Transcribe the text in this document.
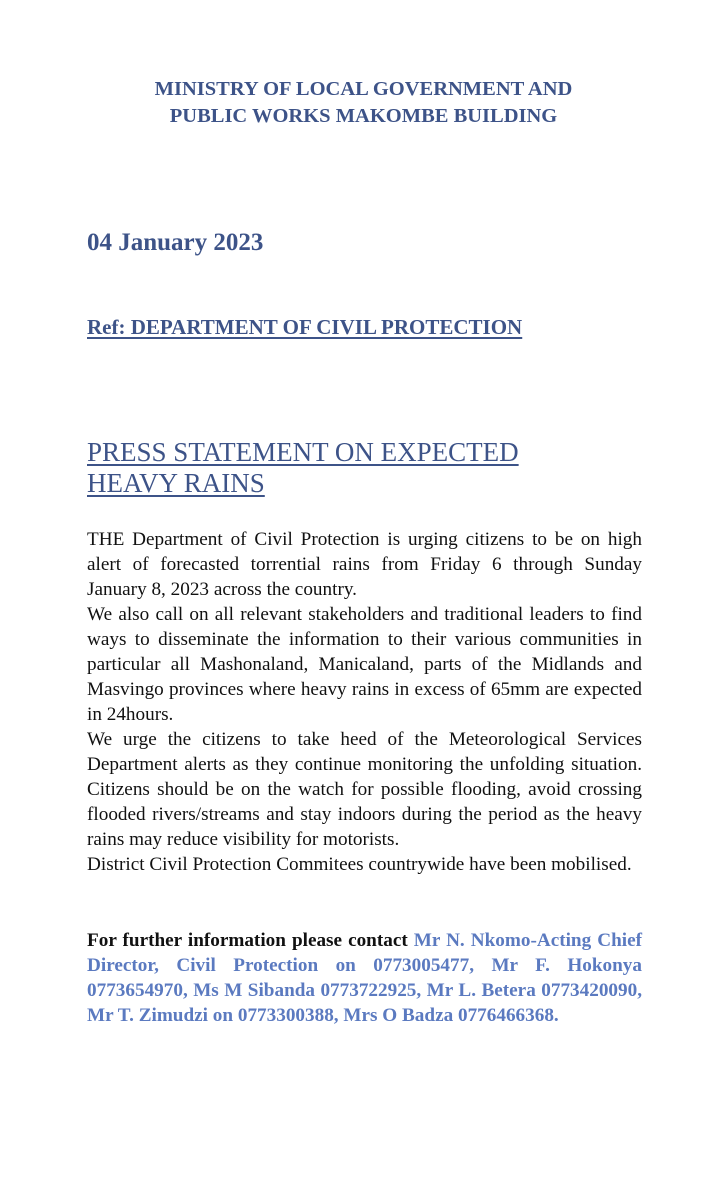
MINISTRY OF LOCAL GOVERNMENT AND
PUBLIC WORKS MAKOMBE BUILDING
04 January 2023
Ref: DEPARTMENT OF CIVIL PROTECTION
PRESS STATEMENT ON EXPECTED
HEAVY RAINS

THE Department of Civil Protection is urging citizens to be on high alert of forecasted torrential rains from Friday 6 through Sunday January 8, 2023 across the country.

We also call on all relevant stakeholders and traditional leaders to find ways to disseminate the information to their various communities in particular all Mashonaland, Manicaland, parts of the Midlands and Masvingo provinces where heavy rains in excess of 65mm are expected in 24hours.

We urge the citizens to take heed of the Meteorological Services Department alerts as they continue monitoring the unfolding situation. Citizens should be on the watch for possible flooding, avoid crossing flooded rivers/streams and stay indoors during the period as the heavy rains may reduce visibility for motorists.

District Civil Protection Commitees countrywide have been mobilised.

For further information please contact Mr N. Nkomo-Acting Chief Director, Civil Protection on 0773005477, Mr F. Hokonya 0773654970, Ms M Sibanda 0773722925, Mr L. Betera 0773420090, Mr T. Zimudzi on 0773300388, Mrs O Badza 0776466368.
